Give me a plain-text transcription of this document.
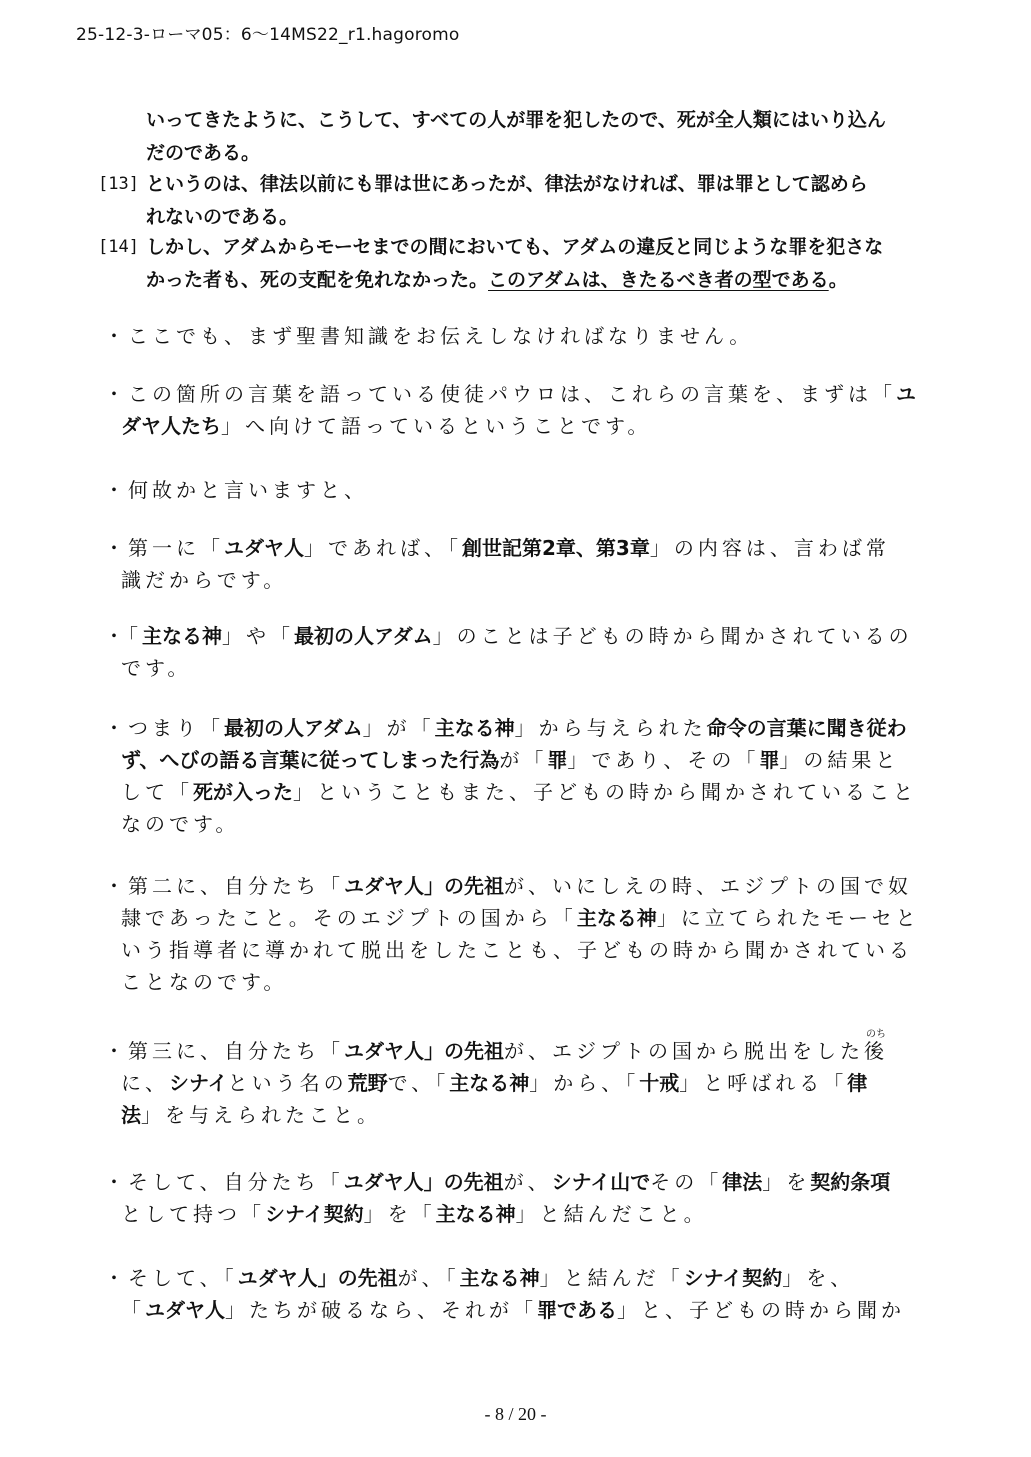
25-12-3-ローマ05：6〜14MS22_r1.hagoromo
いってきたように、こうして、すべての人が罪を犯したので、死が全人類にはいり込ん
だのである。
[13] というのは、律法以前にも罪は世にあったが、律法がなければ、罪は罪として認めら
れないのである。
[14] しかし、アダムからモーセまでの間においても、アダムの違反と同じような罪を犯さな
かった者も、死の支配を免れなかった。このアダムは、きたるべき者の型である。
・ここでも、まず聖書知識をお伝えしなければなりません。
・この箇所の言葉を語っている使徒パウロは、これらの言葉を、まずは「ユ
ダヤ人たち」へ向けて語っているということです。
・何故かと言いますと、
・第一に「ユダヤ人」であれば、「創世記第2章、第3章」の内容は、言わば常
識だからです。
・「主なる神」や「最初の人アダム」のことは子どもの時から聞かされているの
です。
・つまり「最初の人アダム」が「主なる神」から与えられた命令の言葉に聞き従わ
ず、へびの語る言葉に従ってしまった行為が「罪」であり、その「罪」の結果と
して「死が入った」ということもまた、子どもの時から聞かされていること
なのです。
・第二に、自分たち「ユダヤ人」の先祖が、いにしえの時、エジプトの国で奴
隷であったこと。そのエジプトの国から「主なる神」に立てられたモーセと
いう指導者に導かれて脱出をしたことも、子どもの時から聞かされている
ことなのです。
・第三に、自分たち「ユダヤ人」の先祖が、エジプトの国から脱出をした
のち
後
に、シナイという名の荒野で、「主なる神」から、「十戒」と呼ばれる「律
法」を与えられたこと。
・そして、自分たち「ユダヤ人」の先祖が、シナイ山でその「律法」を契約条項
として持つ「シナイ契約」を「主なる神」と結んだこと。
・そして、「ユダヤ人」の先祖が、「主なる神」と結んだ「シナイ契約」を、
「ユダヤ人」たちが破るなら、それが「罪である」と、子どもの時から聞か
- 8 / 20 -
